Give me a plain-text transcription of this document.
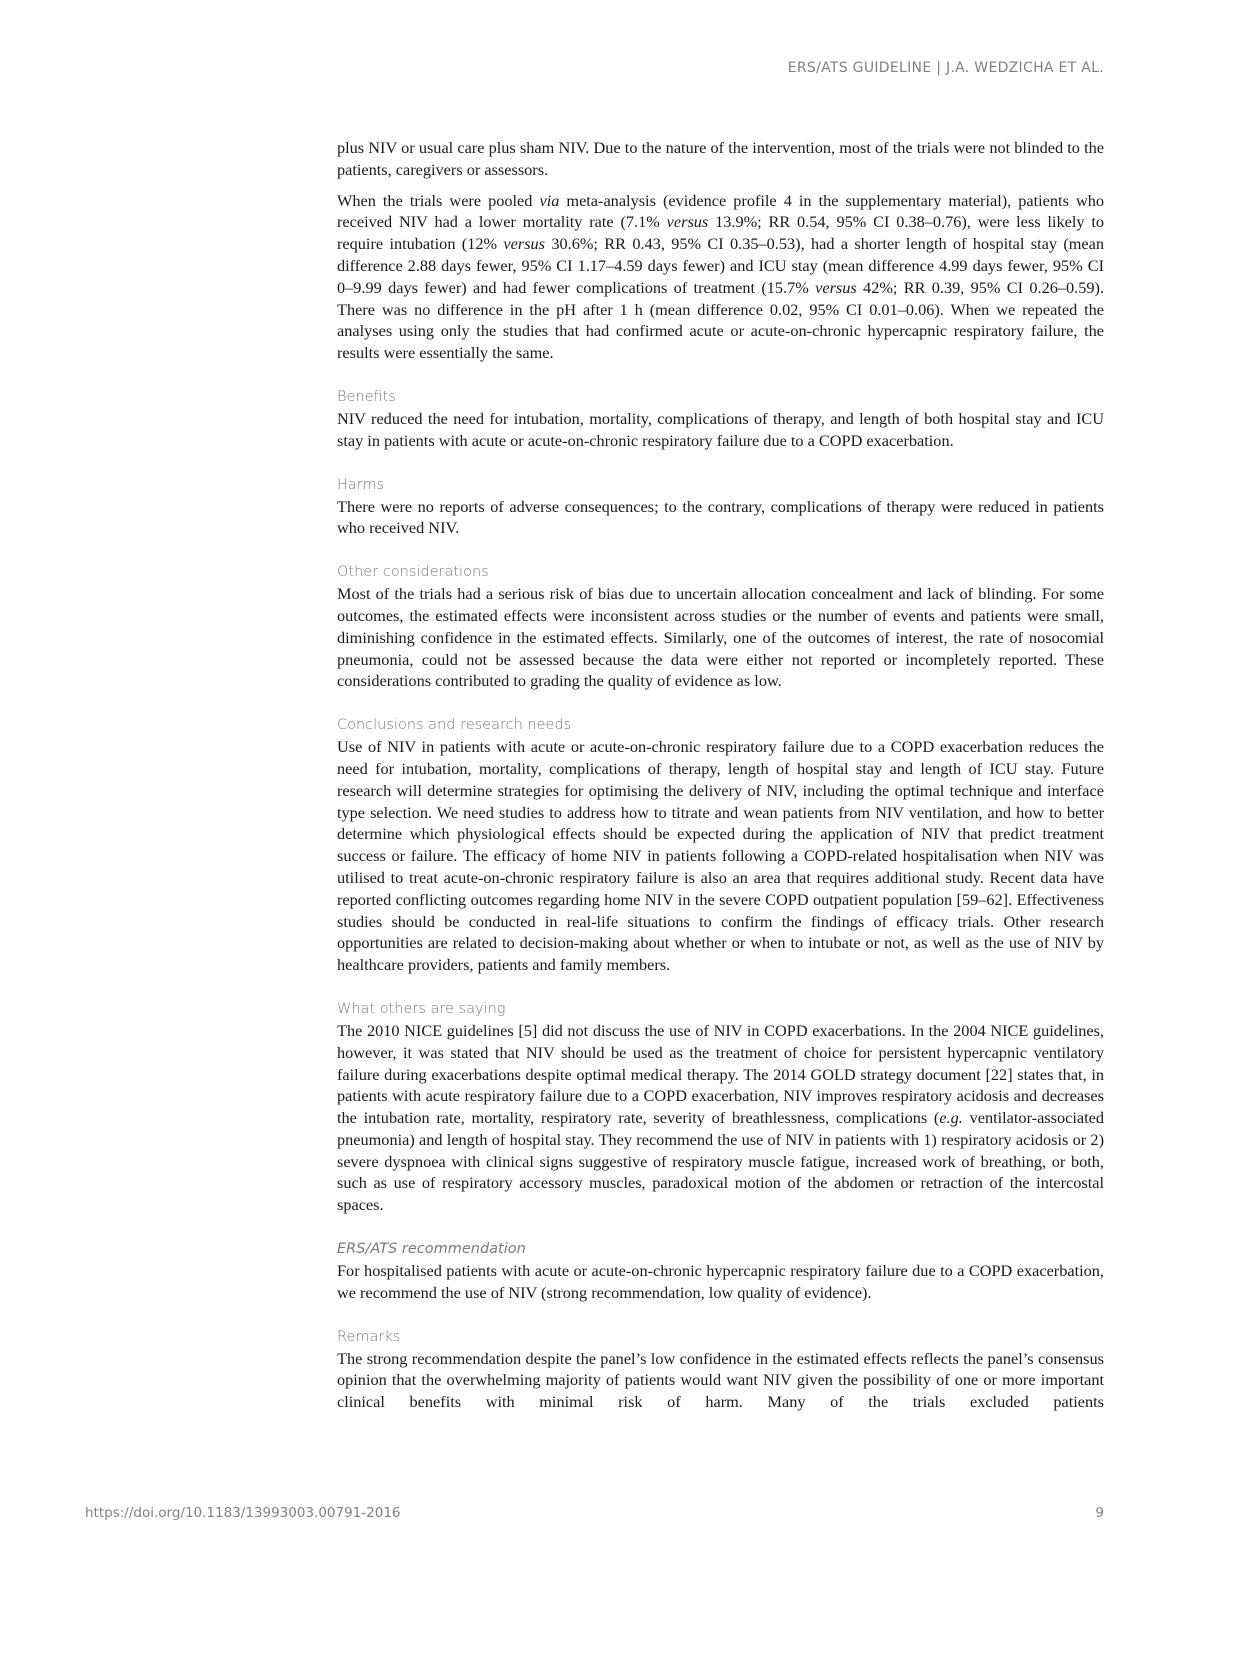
ERS/ATS GUIDELINE | J.A. WEDZICHA ET AL.

plus NIV or usual care plus sham NIV. Due to the nature of the intervention, most of the trials were not blinded to the patients, caregivers or assessors.

When the trials were pooled via meta-analysis (evidence profile 4 in the supplementary material), patients who received NIV had a lower mortality rate (7.1% versus 13.9%; RR 0.54, 95% CI 0.38–0.76), were less likely to require intubation (12% versus 30.6%; RR 0.43, 95% CI 0.35–0.53), had a shorter length of hospital stay (mean difference 2.88 days fewer, 95% CI 1.17–4.59 days fewer) and ICU stay (mean difference 4.99 days fewer, 95% CI 0–9.99 days fewer) and had fewer complications of treatment (15.7% versus 42%; RR 0.39, 95% CI 0.26–0.59). There was no difference in the pH after 1 h (mean difference 0.02, 95% CI 0.01–0.06). When we repeated the analyses using only the studies that had confirmed acute or acute-on-chronic hypercapnic respiratory failure, the results were essentially the same.

Benefits

NIV reduced the need for intubation, mortality, complications of therapy, and length of both hospital stay and ICU stay in patients with acute or acute-on-chronic respiratory failure due to a COPD exacerbation.

Harms

There were no reports of adverse consequences; to the contrary, complications of therapy were reduced in patients who received NIV.

Other considerations

Most of the trials had a serious risk of bias due to uncertain allocation concealment and lack of blinding. For some outcomes, the estimated effects were inconsistent across studies or the number of events and patients were small, diminishing confidence in the estimated effects. Similarly, one of the outcomes of interest, the rate of nosocomial pneumonia, could not be assessed because the data were either not reported or incompletely reported. These considerations contributed to grading the quality of evidence as low.

Conclusions and research needs

Use of NIV in patients with acute or acute-on-chronic respiratory failure due to a COPD exacerbation reduces the need for intubation, mortality, complications of therapy, length of hospital stay and length of ICU stay. Future research will determine strategies for optimising the delivery of NIV, including the optimal technique and interface type selection. We need studies to address how to titrate and wean patients from NIV ventilation, and how to better determine which physiological effects should be expected during the application of NIV that predict treatment success or failure. The efficacy of home NIV in patients following a COPD-related hospitalisation when NIV was utilised to treat acute-on-chronic respiratory failure is also an area that requires additional study. Recent data have reported conflicting outcomes regarding home NIV in the severe COPD outpatient population [59–62]. Effectiveness studies should be conducted in real-life situations to confirm the findings of efficacy trials. Other research opportunities are related to decision-making about whether or when to intubate or not, as well as the use of NIV by healthcare providers, patients and family members.

What others are saying

The 2010 NICE guidelines [5] did not discuss the use of NIV in COPD exacerbations. In the 2004 NICE guidelines, however, it was stated that NIV should be used as the treatment of choice for persistent hypercapnic ventilatory failure during exacerbations despite optimal medical therapy. The 2014 GOLD strategy document [22] states that, in patients with acute respiratory failure due to a COPD exacerbation, NIV improves respiratory acidosis and decreases the intubation rate, mortality, respiratory rate, severity of breathlessness, complications (e.g. ventilator-associated pneumonia) and length of hospital stay. They recommend the use of NIV in patients with 1) respiratory acidosis or 2) severe dyspnoea with clinical signs suggestive of respiratory muscle fatigue, increased work of breathing, or both, such as use of respiratory accessory muscles, paradoxical motion of the abdomen or retraction of the intercostal spaces.

ERS/ATS recommendation

For hospitalised patients with acute or acute-on-chronic hypercapnic respiratory failure due to a COPD exacerbation, we recommend the use of NIV (strong recommendation, low quality of evidence).

Remarks

The strong recommendation despite the panel’s low confidence in the estimated effects reflects the panel’s consensus opinion that the overwhelming majority of patients would want NIV given the possibility of one or more important clinical benefits with minimal risk of harm. Many of the trials excluded patients

https://doi.org/10.1183/13993003.00791-2016	9
